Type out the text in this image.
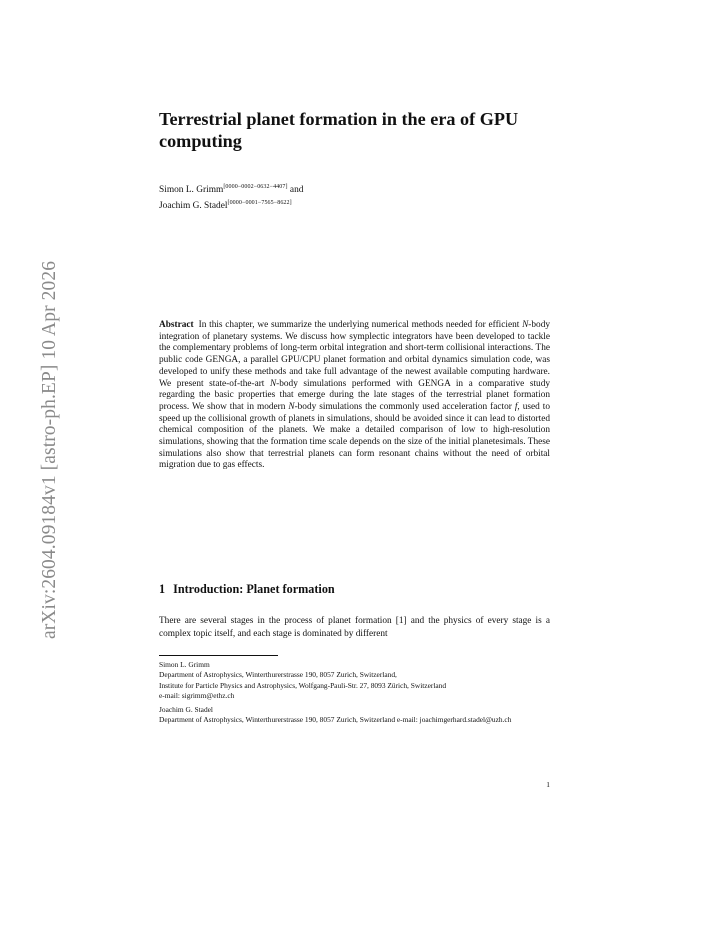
arXiv:2604.09184v1 [astro-ph.EP] 10 Apr 2026
Terrestrial planet formation in the era of GPU computing
Simon L. Grimm[0000−0002−0632−4407] and
Joachim G. Stadel[0000−0001−7565−8622]
Abstract In this chapter, we summarize the underlying numerical methods needed for efficient N-body integration of planetary systems. We discuss how symplectic integrators have been developed to tackle the complementary problems of long-term orbital integration and short-term collisional interactions. The public code GENGA, a parallel GPU/CPU planet formation and orbital dynamics simulation code, was developed to unify these methods and take full advantage of the newest available computing hardware. We present state-of-the-art N-body simulations performed with GENGA in a comparative study regarding the basic properties that emerge during the late stages of the terrestrial planet formation process. We show that in modern N-body simulations the commonly used acceleration factor f, used to speed up the collisional growth of planets in simulations, should be avoided since it can lead to distorted chemical composition of the planets. We make a detailed comparison of low to high-resolution simulations, showing that the formation time scale depends on the size of the initial planetesimals. These simulations also show that terrestrial planets can form resonant chains without the need of orbital migration due to gas effects.
1 Introduction: Planet formation
There are several stages in the process of planet formation [1] and the physics of every stage is a complex topic itself, and each stage is dominated by different
Simon L. Grimm
Department of Astrophysics, Winterthurerstrasse 190, 8057 Zurich, Switzerland,
Institute for Particle Physics and Astrophysics, Wolfgang-Pauli-Str. 27, 8093 Zürich, Switzerland
e-mail: sigrimm@ethz.ch
Joachim G. Stadel
Department of Astrophysics, Winterthurerstrasse 190, 8057 Zurich, Switzerland e-mail: joachimgerhard.stadel@uzh.ch
1
